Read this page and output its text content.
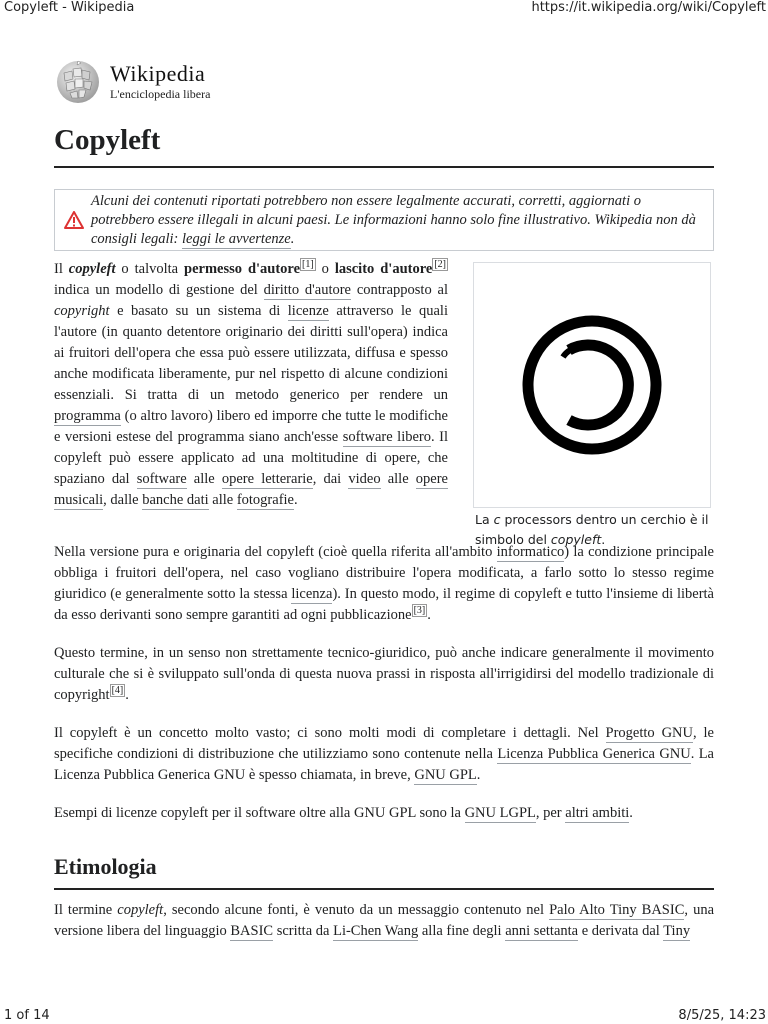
Copyleft - Wikipedia	https://it.wikipedia.org/wiki/Copyleft
Wikipedia
L'enciclopedia libera
Copyleft
Alcuni dei contenuti riportati potrebbero non essere legalmente accurati, corretti, aggiornati o potrebbero essere illegali in alcuni paesi. Le informazioni hanno solo fine illustrativo. Wikipedia non dà consigli legali: leggi le avvertenze.
La c processors dentro un cerchio è il simbolo del copyleft.

Il copyleft o talvolta permesso d'autore [1] o lascito d'autore [2] indica un modello di gestione del diritto d'autore contrapposto al copyright e basato su un sistema di licenze attraverso le quali l'autore (in quanto detentore originario dei diritti sull'opera) indica ai fruitori dell'opera che essa può essere utilizzata, diffusa e spesso anche modificata liberamente, pur nel rispetto di alcune condizioni essenziali. Si tratta di un metodo generico per rendere un programma (o altro lavoro) libero ed imporre che tutte le modifiche e versioni estese del programma siano anch'esse software libero. Il copyleft può essere applicato ad una moltitudine di opere, che spaziano dal software alle opere letterarie, dai video alle opere musicali, dalle banche dati alle fotografie.

Nella versione pura e originaria del copyleft (cioè quella riferita all'ambito informatico) la condizione principale obbliga i fruitori dell'opera, nel caso vogliano distribuire l'opera modificata, a farlo sotto lo stesso regime giuridico (e generalmente sotto la stessa licenza). In questo modo, il regime di copyleft e tutto l'insieme di libertà da esso derivanti sono sempre garantiti ad ogni pubblicazione [3] .

Questo termine, in un senso non strettamente tecnico-giuridico, può anche indicare generalmente il movimento culturale che si è sviluppato sull'onda di questa nuova prassi in risposta all'irrigidirsi del modello tradizionale di copyright [4] .

Il copyleft è un concetto molto vasto; ci sono molti modi di completare i dettagli. Nel Progetto GNU, le specifiche condizioni di distribuzione che utilizziamo sono contenute nella Licenza Pubblica Generica GNU. La Licenza Pubblica Generica GNU è spesso chiamata, in breve, GNU GPL.

Esempi di licenze copyleft per il software oltre alla GNU GPL sono la GNU LGPL, per altri ambiti.

Etimologia

Il termine copyleft, secondo alcune fonti, è venuto da un messaggio contenuto nel Palo Alto Tiny BASIC, una versione libera del linguaggio BASIC scritta da Li-Chen Wang alla fine degli anni settanta e derivata dal Tiny

1 of 14	8/5/25, 14:23
